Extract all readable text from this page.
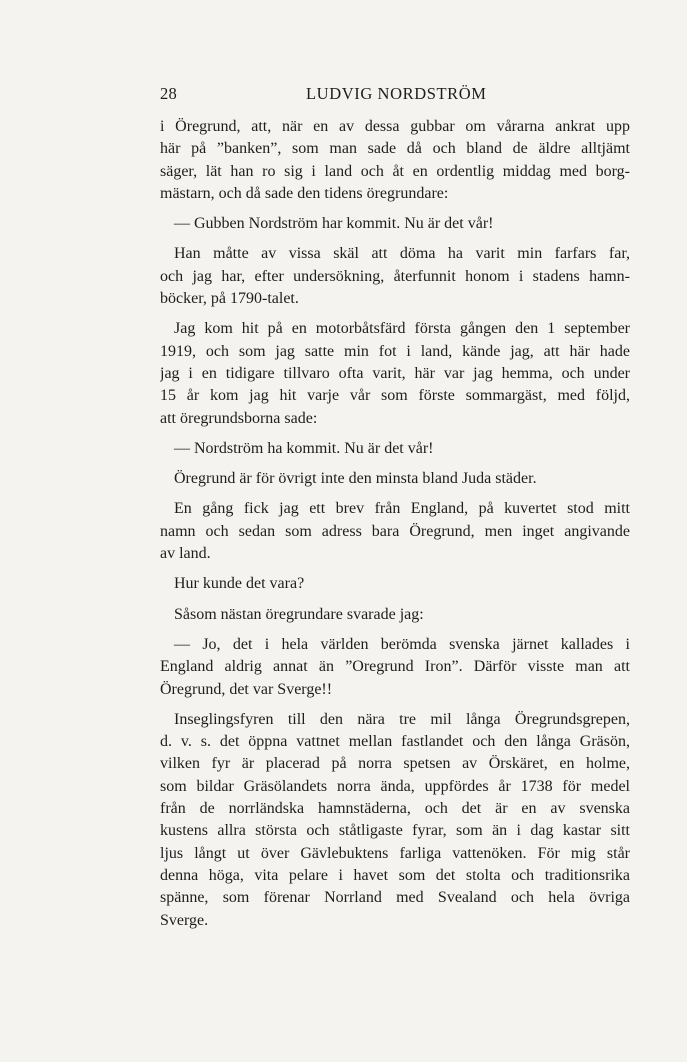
28	LUDVIG NORDSTRÖM
i Öregrund, att, när en av dessa gubbar om vårarna ankrat upp
här på ”banken”, som man sade då och bland de äldre alltjämt
säger, lät han ro sig i land och åt en ordentlig middag med borg-
mästarn, och då sade den tidens öregrundare:
— Gubben Nordström har kommit. Nu är det vår!
Han måtte av vissa skäl att döma ha varit min farfars far,
och jag har, efter undersökning, återfunnit honom i stadens hamn-
böcker, på 1790-talet.
Jag kom hit på en motorbåtsfärd första gången den 1 september
1919, och som jag satte min fot i land, kände jag, att här hade
jag i en tidigare tillvaro ofta varit, här var jag hemma, och under
15 år kom jag hit varje vår som förste sommargäst, med följd,
att öregrundsborna sade:
— Nordström ha kommit. Nu är det vår!
Öregrund är för övrigt inte den minsta bland Juda städer.
En gång fick jag ett brev från England, på kuvertet stod mitt
namn och sedan som adress bara Öregrund, men inget angivande
av land.
Hur kunde det vara?
Såsom nästan öregrundare svarade jag:
— Jo, det i hela världen berömda svenska järnet kallades i
England aldrig annat än ”Oregrund Iron”. Därför visste man att
Öregrund, det var Sverge!!
Inseglingsfyren till den nära tre mil långa Öregrundsgrepen,
d. v. s. det öppna vattnet mellan fastlandet och den långa Gräsön,
vilken fyr är placerad på norra spetsen av Örskäret, en holme,
som bildar Gräsölandets norra ända, uppfördes år 1738 för medel
från de norrländska hamnstäderna, och det är en av svenska
kustens allra största och ståtligaste fyrar, som än i dag kastar sitt
ljus långt ut över Gävlebuktens farliga vattenöken. För mig står
denna höga, vita pelare i havet som det stolta och traditionsrika
spänne, som förenar Norrland med Svealand och hela övriga
Sverge.
